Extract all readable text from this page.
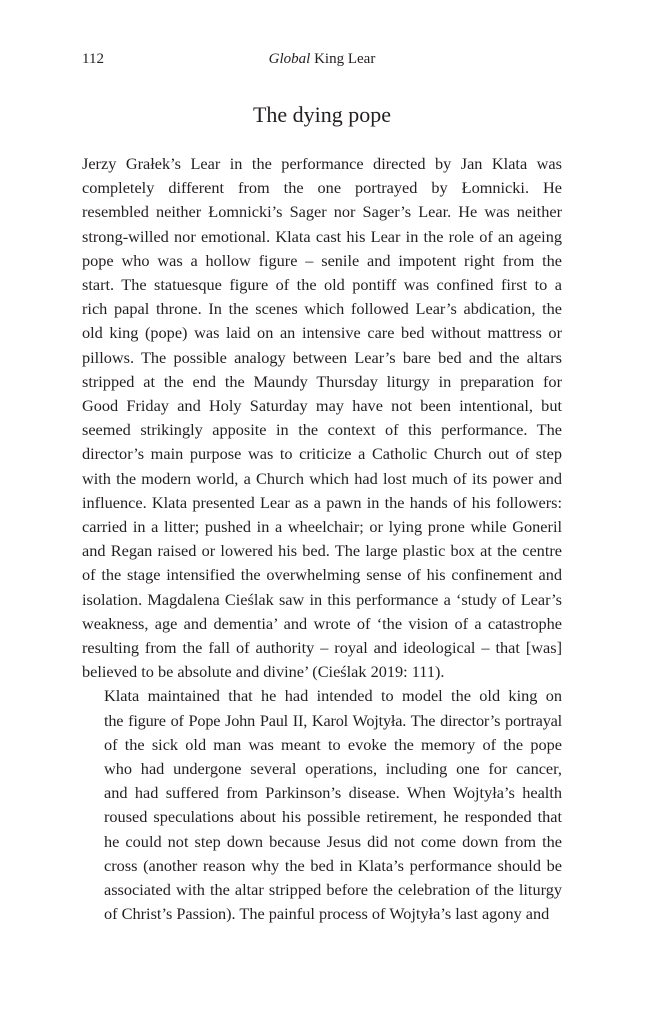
112	Global King Lear
The dying pope

Jerzy Grałek’s Lear in the performance directed by Jan Klata was
completely different from the one portrayed by Łomnicki. He
resembled neither Łomnicki’s Sager nor Sager’s Lear. He was neither
strong-willed nor emotional. Klata cast his Lear in the role of an ageing
pope who was a hollow figure – senile and impotent right from the
start. The statuesque figure of the old pontiff was confined first to a
rich papal throne. In the scenes which followed Lear’s abdication, the
old king (pope) was laid on an intensive care bed without mattress or
pillows. The possible analogy between Lear’s bare bed and the altars
stripped at the end the Maundy Thursday liturgy in preparation for
Good Friday and Holy Saturday may have not been intentional, but
seemed strikingly apposite in the context of this performance. The
director’s main purpose was to criticize a Catholic Church out of step
with the modern world, a Church which had lost much of its power and
influence. Klata presented Lear as a pawn in the hands of his followers:
carried in a litter; pushed in a wheelchair; or lying prone while Goneril
and Regan raised or lowered his bed. The large plastic box at the centre
of the stage intensified the overwhelming sense of his confinement and
isolation. Magdalena Cieślak saw in this performance a ‘study of Lear’s
weakness, age and dementia’ and wrote of ‘the vision of a catastrophe
resulting from the fall of authority – royal and ideological – that [was]
believed to be absolute and divine’ (Cieślak 2019: 111).

Klata maintained that he had intended to model the old king on
the figure of Pope John Paul II, Karol Wojtyła. The director’s portrayal
of the sick old man was meant to evoke the memory of the pope
who had undergone several operations, including one for cancer,
and had suffered from Parkinson’s disease. When Wojtyła’s health
roused speculations about his possible retirement, he responded that
he could not step down because Jesus did not come down from the
cross (another reason why the bed in Klata’s performance should be
associated with the altar stripped before the celebration of the liturgy
of Christ’s Passion). The painful process of Wojtyła’s last agony and
